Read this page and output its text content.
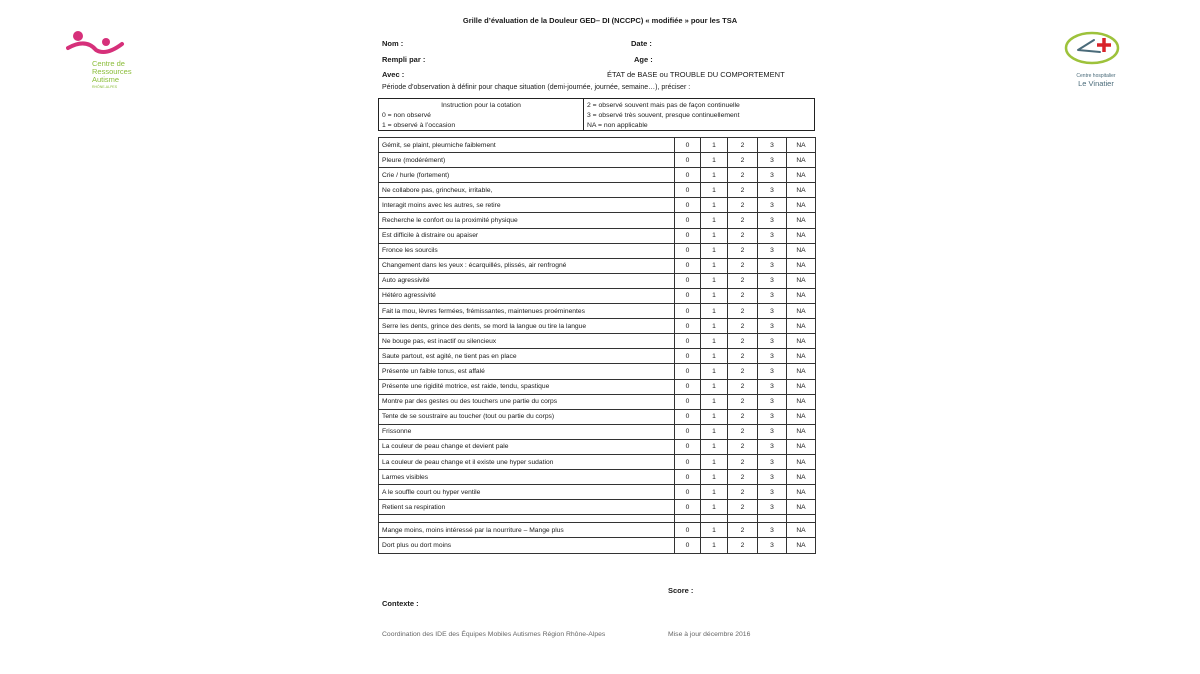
Grille d’évaluation de la Douleur GED– DI (NCCPC) « modifiée » pour les TSA
Centre de
Ressources
Autisme
RHÔNE-ALPES
Centre hospitalier
Le Vinatier
Nom :	Date :
Rempli par :	Age :
Avec :	ÉTAT de BASE ou TROUBLE DU COMPORTEMENT
Période d’observation à définir pour chaque situation (demi-journée, journée, semaine…), préciser :
Instruction pour la cotation
0 = non observé
1 = observé à l’occasion
2 = observé souvent mais pas de façon continuelle
3 = observé très souvent, presque continuellement
NA = non applicable
Gémit, se plaint, pleurniche faiblement	0	1	2	3	NA
Pleure (modérément)	0	1	2	3	NA
Crie / hurle (fortement)	0	1	2	3	NA
Ne collabore pas, grincheux, irritable,	0	1	2	3	NA
Interagit moins avec les autres, se retire	0	1	2	3	NA
Recherche le confort ou la proximité physique	0	1	2	3	NA
Est difficile à distraire ou apaiser	0	1	2	3	NA
Fronce les sourcils	0	1	2	3	NA
Changement dans les yeux : écarquillés, plissés, air renfrogné	0	1	2	3	NA
Auto agressivité	0	1	2	3	NA
Hétéro agressivité	0	1	2	3	NA
Fait la mou, lèvres fermées, frémissantes, maintenues proéminentes	0	1	2	3	NA
Serre les dents, grince des dents, se mord la langue ou tire la langue	0	1	2	3	NA
Ne bouge pas, est inactif ou silencieux	0	1	2	3	NA
Saute partout, est agité, ne tient pas en place	0	1	2	3	NA
Présente un faible tonus, est affalé	0	1	2	3	NA
Présente une rigidité motrice, est raide, tendu, spastique	0	1	2	3	NA
Montre par des gestes ou des touchers une partie du corps	0	1	2	3	NA
Tente de se soustraire au toucher (tout ou partie du corps)	0	1	2	3	NA
Frissonne	0	1	2	3	NA
La couleur de peau change et devient pale	0	1	2	3	NA
La couleur de peau change et il existe une hyper sudation	0	1	2	3	NA
Larmes visibles	0	1	2	3	NA
A le souffle court ou hyper ventile	0	1	2	3	NA
Retient sa respiration	0	1	2	3	NA

Mange moins, moins intéressé par la nourriture – Mange plus	0	1	2	3	NA
Dort plus ou dort moins	0	1	2	3	NA
Score :
Contexte :
Coordination des IDE des Équipes Mobiles Autismes Région Rhône-Alpes	Mise à jour décembre 2016
